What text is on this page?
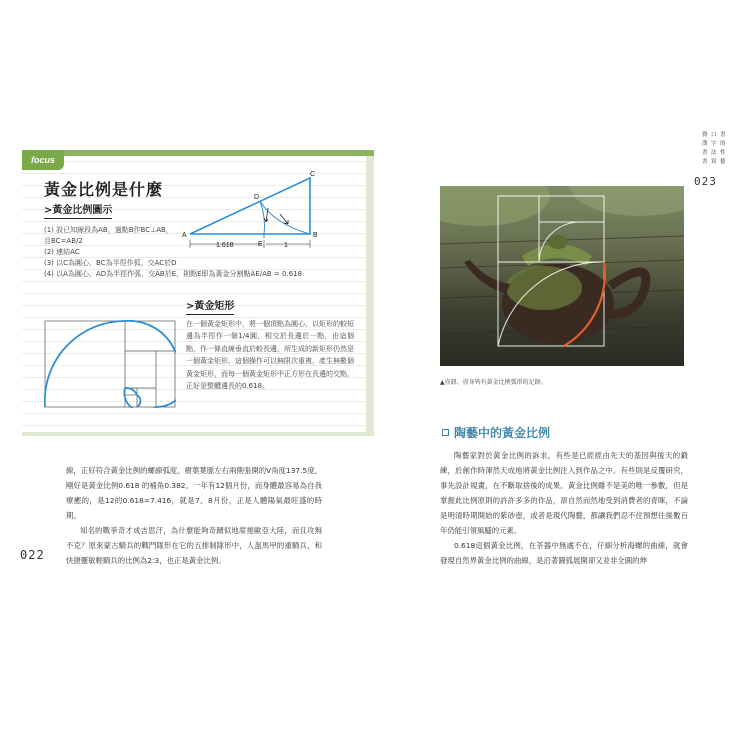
focus
黃金比例是什麼
>黃金比例圖示
(1) 設已知線段為AB，過點B作BC⊥AB，
且BC=AB/2
(2) 連結AC
(3) 以C為圓心，BC為半徑作弧，交AC於D
(4) 以A為圓心，AD為半徑作弧，交AB於E，則點E即為黃金分割點AE/AB = 0.618
A	B
C
D
E
1.618	1
>黃金矩形
在一個黃金矩形中，將一個頂點為圓心，以矩形的較短邊為半徑作一個1/4圓，相交於長邊於一點，由這個點，作一條直線垂直於較長邊，所生成的新矩形仍然是一個黃金矩形，這個操作可以無限次重複，產生無數個黃金矩形，而每一個黃金矩形中正方形在長邊的交點，正好是整體邊長的0.618。

線，正好符合黃金比例的螺線弧度。樹葉葉脈左右兩側張開的V角度137.5度，剛好是黃金比例0.618 的補角0.382。一年有12個月份，而身體最容易為自我療癒的，是12的0.618=7.416，就是7、8月份，正是人體陽氣最旺盛的時期。

知名的戰爭奇才成吉思汗，為什麼能夠奇蹟似地席捲歐亞大陸，而且攻無不克？原來蒙古騎兵的戰鬥隊形在它的五排制隊形中，人盔馬甲的重騎兵，和快捷靈敏輕騎兵的比例為2:3，也正是黃金比例。

022
資 口 書
漢 字 的
書 法 性
書 寫 藝
023
▲壺鈕、壺身皆有黃金比例弧形的足跡。
陶藝中的黃金比例

陶藝家對於黃金比例的訴求，有些是已經經由先天的基因與後天的鍛練，於創作時渾然天成地將黃金比例注入到作品之中。有些則是反覆研究，事先設計規畫，在不斷取捨後的成果。黃金比例雖不是美的唯一參數，但是掌握此比例原則的許許多多的作品，卻自然而然地受到消費者的青睞，不論是明清時期開始的紫砂壺，或者是現代陶藝，都讓我們忍不住預想往後數百年仍能引領風騷的元素。

0.618這個黃金比例，在茶器中無處不在，仔細分析海螺的曲線，就會發現自然界黃金比例的曲線，是沿著圓弧展開卻又並非全圓的伸
